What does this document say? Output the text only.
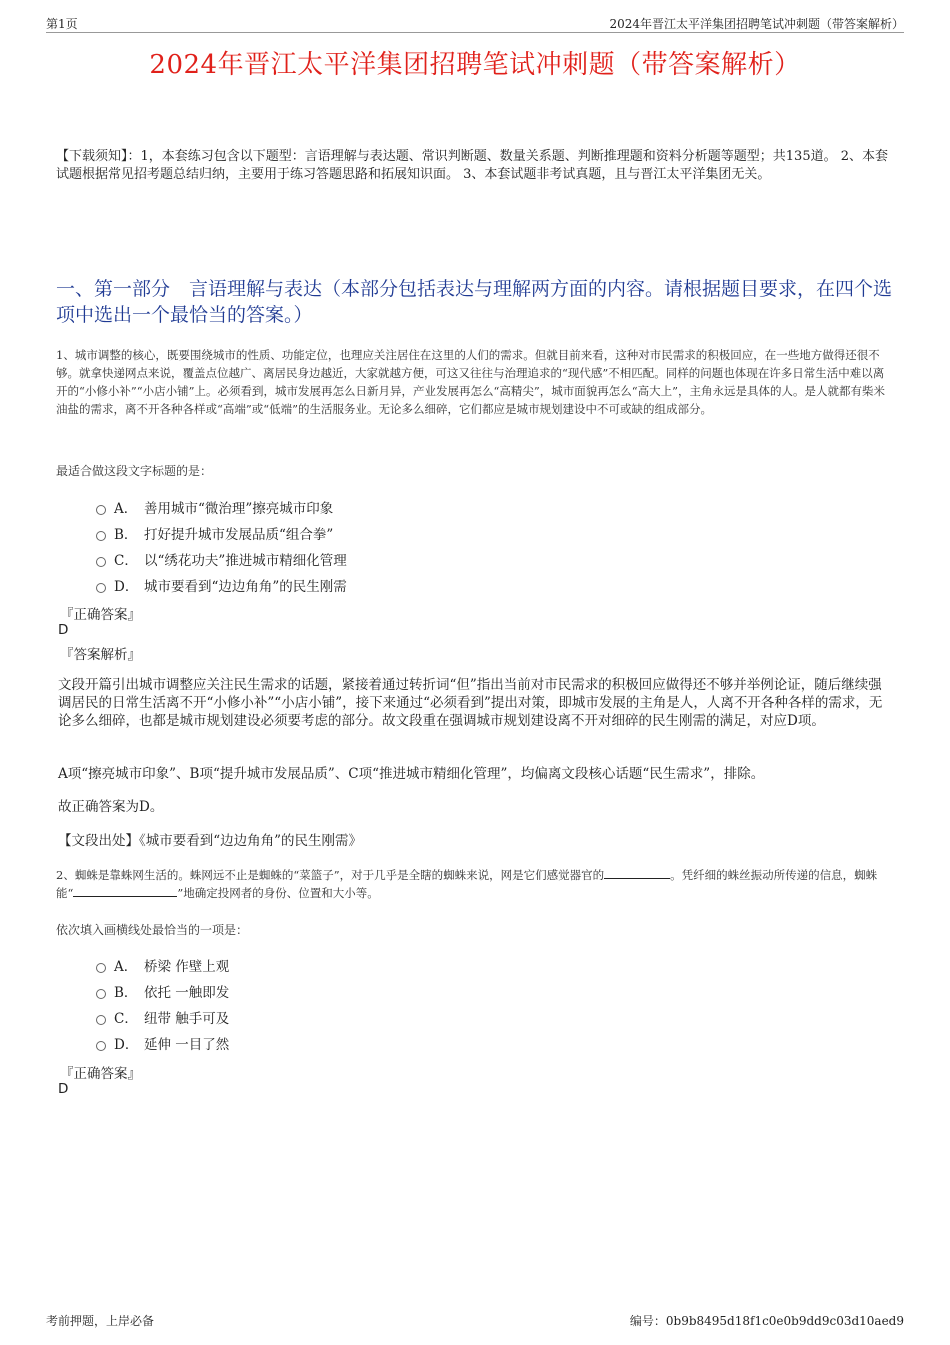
第1页	2024年晋江太平洋集团招聘笔试冲刺题（带答案解析）
2024年晋江太平洋集团招聘笔试冲刺题（带答案解析）
【下载须知】：1，本套练习包含以下题型：言语理解与表达题、常识判断题、数量关系题、判断推理题和资料分析题等题型；共135道。 2、本套试题根据常见招考题总结归纳，主要用于练习答题思路和拓展知识面。 3、本套试题非考试真题，且与晋江太平洋集团无关。
一、第一部分　言语理解与表达（本部分包括表达与理解两方面的内容。请根据题目要求，在四个选项中选出一个最恰当的答案。）
1、城市调整的核心，既要围绕城市的性质、功能定位，也理应关注居住在这里的人们的需求。但就目前来看，这种对市民需求的积极回应，在一些地方做得还很不够。就拿快递网点来说，覆盖点位越广、离居民身边越近，大家就越方便，可这又往往与治理追求的“现代感”不相匹配。同样的问题也体现在许多日常生活中难以离开的“小修小补”“小店小铺”上。必须看到，城市发展再怎么日新月异，产业发展再怎么“高精尖”，城市面貌再怎么“高大上”，主角永远是具体的人。是人就都有柴米油盐的需求，离不开各种各样或“高端”或“低端”的生活服务业。无论多么细碎，它们都应是城市规划建设中不可或缺的组成部分。
最适合做这段文字标题的是：
A． 善用城市“微治理”擦亮城市印象
B． 打好提升城市发展品质“组合拳”
C． 以“绣花功夫”推进城市精细化管理
D． 城市要看到“边边角角”的民生刚需
『正确答案』
D
『答案解析』
文段开篇引出城市调整应关注民生需求的话题，紧接着通过转折词“但”指出当前对市民需求的积极回应做得还不够并举例论证，随后继续强调居民的日常生活离不开“小修小补”“小店小铺”，接下来通过“必须看到”提出对策，即城市发展的主角是人，人离不开各种各样的需求，无论多么细碎，也都是城市规划建设必须要考虑的部分。故文段重在强调城市规划建设离不开对细碎的民生刚需的满足，对应D项。
A项“擦亮城市印象”、B项“提升城市发展品质”、C项“推进城市精细化管理”，均偏离文段核心话题“民生需求”，排除。
故正确答案为D。
【文段出处】《城市要看到“边边角角”的民生刚需》
2、蜘蛛是靠蛛网生活的。蛛网远不止是蜘蛛的“菜篮子”，对于几乎是全瞎的蜘蛛来说，网是它们感觉器官的	。凭纤细的蛛丝振动所传递的信息，蜘蛛能“	”地确定投网者的身份、位置和大小等。
依次填入画横线处最恰当的一项是：
A． 桥梁 作壁上观
B． 依托 一触即发
C． 纽带 触手可及
D． 延伸 一目了然
『正确答案』
D
考前押题，上岸必备	编号：0b9b8495d18f1c0e0b9dd9c03d10aed9
